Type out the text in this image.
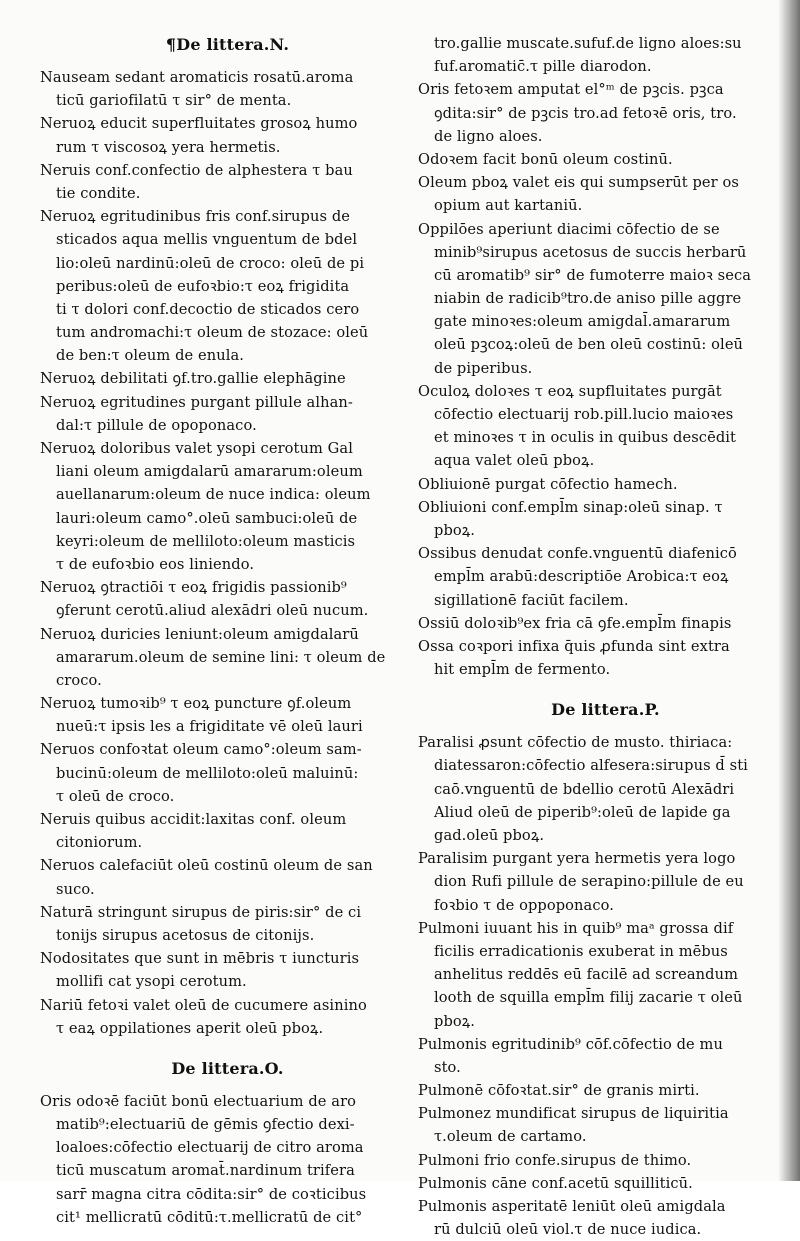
¶De littera.N.
Nauseam sedant aromaticis rosatū.aroma
ticū gariofilatū τ sir° de menta.
Neruoꝝ educit superfluitates grosoꝝ humo
rum τ viscosoꝝ yera hermetis.
Neruis conf.confectio de alphestera τ bau
tie condite.
Neruoꝝ egritudinibus fris conf.sirupus de
sticados aqua mellis vnguentum de bdel
lio:oleū nardinū:oleū de croco: oleū de pi
peribus:oleū de eufoꝛbio:τ eoꝝ frigidita
ti τ dolori conf.decoctio de sticados cero
tum andromachi:τ oleum de stozace: oleū
de ben:τ oleum de enula.
Neruoꝝ debilitati ꝯf.tro.gallie elephāgine
Neruoꝝ egritudines purgant pillule alhan-
dal:τ pillule de opoponaco.
Neruoꝝ doloribus valet ysopi cerotum Gal
liani oleum amigdalarū amararum:oleum
auellanarum:oleum de nuce indica: oleum
lauri:oleum camo°.oleū sambuci:oleū de
keyri:oleum de melliloto:oleum masticis
τ de eufoꝛbio eos liniendo.
Neruoꝝ ꝯtractiōi τ eoꝝ frigidis passionib⁹
ꝯferunt cerotū.aliud alexādri oleū nucum.
Neruoꝝ duricies leniunt:oleum amigdalarū
amararum.oleum de semine lini: τ oleum de
croco.
Neruoꝝ tumoꝛib⁹ τ eoꝝ puncture ꝯf.oleum
nueū:τ ipsis les a frigiditate vē oleū lauri
Neruos confoꝛtat oleum camo°:oleum sam-
bucinū:oleum de melliloto:oleū maluinū:
τ oleū de croco.
Neruis quibus accidit:laxitas conf. oleum
citoniorum.
Neruos calefaciūt oleū costinū oleum de san
suco.
Naturā stringunt sirupus de piris:sir° de ci
tonijs sirupus acetosus de citonijs.
Nodositates que sunt in mēbris τ iuncturis
mollifi cat ysopi cerotum.
Nariū fetoꝛi valet oleū de cucumere asinino
τ eaꝝ oppilationes aperit oleū pboꝝ.
De littera.O.
Oris odoꝛē faciūt bonū electuarium de aro
matib⁹:electuariū de gēmis ꝯfectio dexi-
loaloes:cōfectio electuarij de citro aroma
ticū muscatum aromat̄.nardinum trifera
sarr̄ magna citra cōdita:sir° de coꝛticibus
cit¹ mellicratū cōditū:τ.mellicratū de cit°
tro.gallie muscate.sufuf.de ligno aloes:su
fuf.aromatic̄.τ pille diarodon.
Oris fetoꝛem amputat el°ᵐ de pꝫcis. pꝫca
ꝯdita:sir° de pꝫcis tro.ad fetoꝛē oris, tro.
de ligno aloes.
Odoꝛem facit bonū oleum costinū.
Oleum pboꝝ valet eis qui sumpserūt per os
opium aut kartaniū.
Oppilōes aperiunt diacimi cōfectio de se
minib⁹sirupus acetosus de succis herbarū
cū aromatib⁹ sir° de fumoterre maioꝛ seca
niabin de radicib⁹tro.de aniso pille aggre
gate minoꝛes:oleum amigdal̄.amararum
oleū pꝫcoꝝ:oleū de ben oleū costinū: oleū
de piperibus.
Oculoꝝ doloꝛes τ eoꝝ supfluitates purgāt
cōfectio electuarij rob.pill.lucio maioꝛes
et minoꝛes τ in oculis in quibus descēdit
aqua valet oleū pboꝝ.
Obliuionē purgat cōfectio hamech.
Obliuioni conf.empl̄m sinap:oleū sinap. τ
pboꝝ.
Ossibus denudat confe.vnguentū diafenicō
empl̄m arabū:descriptiōe Arobica:τ eoꝝ
sigillationē faciūt facilem.
Ossiū doloꝛib⁹ex fria cā ꝯfe.empl̄m finapis
Ossa coꝛpori infixa q̄uis ꝓfunda sint extra
hit empl̄m de fermento.
De littera.P.
Paralisi ꝓsunt cōfectio de musto. thiriaca:
diatessaron:cōfectio alfesera:sirupus d̄ sti
caō.vnguentū de bdellio cerotū Alexādri
Aliud oleū de piperib⁹:oleū de lapide ga
gad.oleū pboꝝ.
Paralisim purgant yera hermetis yera logo
dion Rufi pillule de serapino:pillule de eu
foꝛbio τ de oppoponaco.
Pulmoni iuuant his in quib⁹ maᵃ grossa dif
ficilis erradicationis exuberat in mēbus
anhelitus reddēs eū facilē ad screandum
looth de squilla empl̄m filij zacarie τ oleū
pboꝝ.
Pulmonis egritudinib⁹ cōf.cōfectio de mu
sto.
Pulmonē cōfoꝛtat.sir° de granis mirti.
Pulmonez mundificat sirupus de liquiritia
τ.oleum de cartamo.
Pulmoni frio confe.sirupus de thimo.
Pulmonis cāne conf.acetū squilliticū.
Pulmonis asperitatē leniūt oleū amigdala
rū dulciū oleū viol.τ de nuce iudica.
